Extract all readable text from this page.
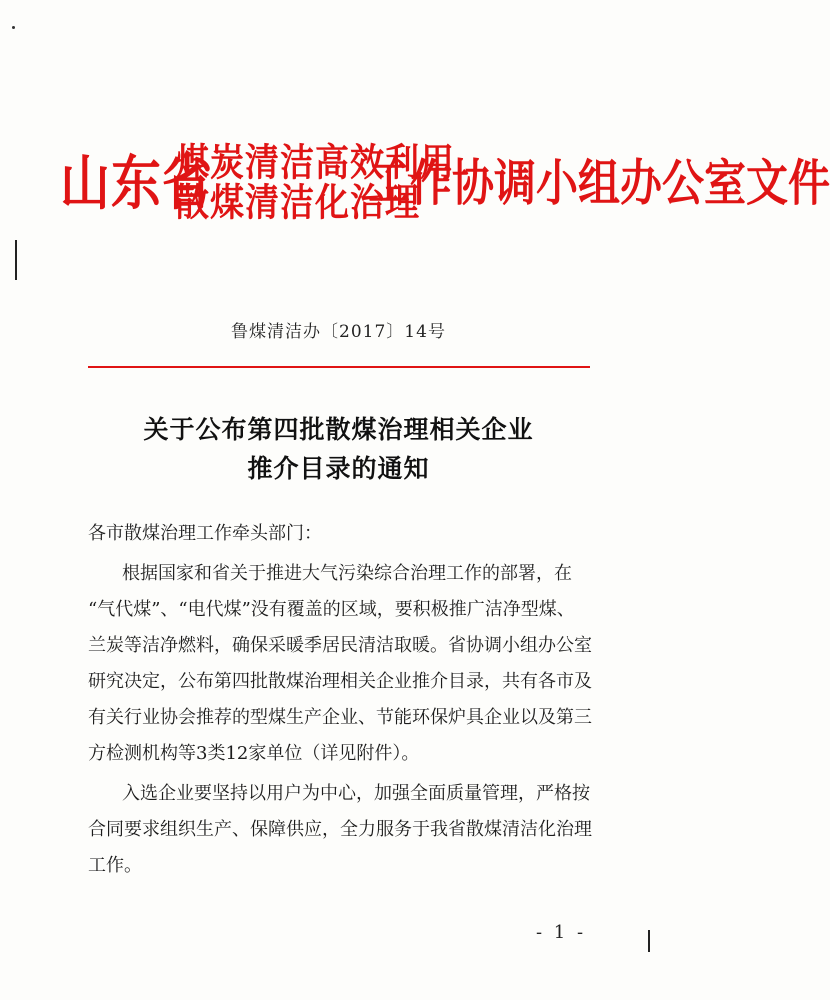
山东省
煤炭清洁高效利用
散煤清洁化治理
工作协调小组办公室文件
鲁煤清洁办〔2017〕14号
关于公布第四批散煤治理相关企业
推介目录的通知
各市散煤治理工作牵头部门：
根据国家和省关于推进大气污染综合治理工作的部署，在
“气代煤”、“电代煤”没有覆盖的区域，要积极推广洁净型煤、
兰炭等洁净燃料，确保采暖季居民清洁取暖。省协调小组办公室
研究决定，公布第四批散煤治理相关企业推介目录，共有各市及
有关行业协会推荐的型煤生产企业、节能环保炉具企业以及第三
方检测机构等3类12家单位（详见附件）。
入选企业要坚持以用户为中心，加强全面质量管理，严格按
合同要求组织生产、保障供应，全力服务于我省散煤清洁化治理
工作。
- 1 -
